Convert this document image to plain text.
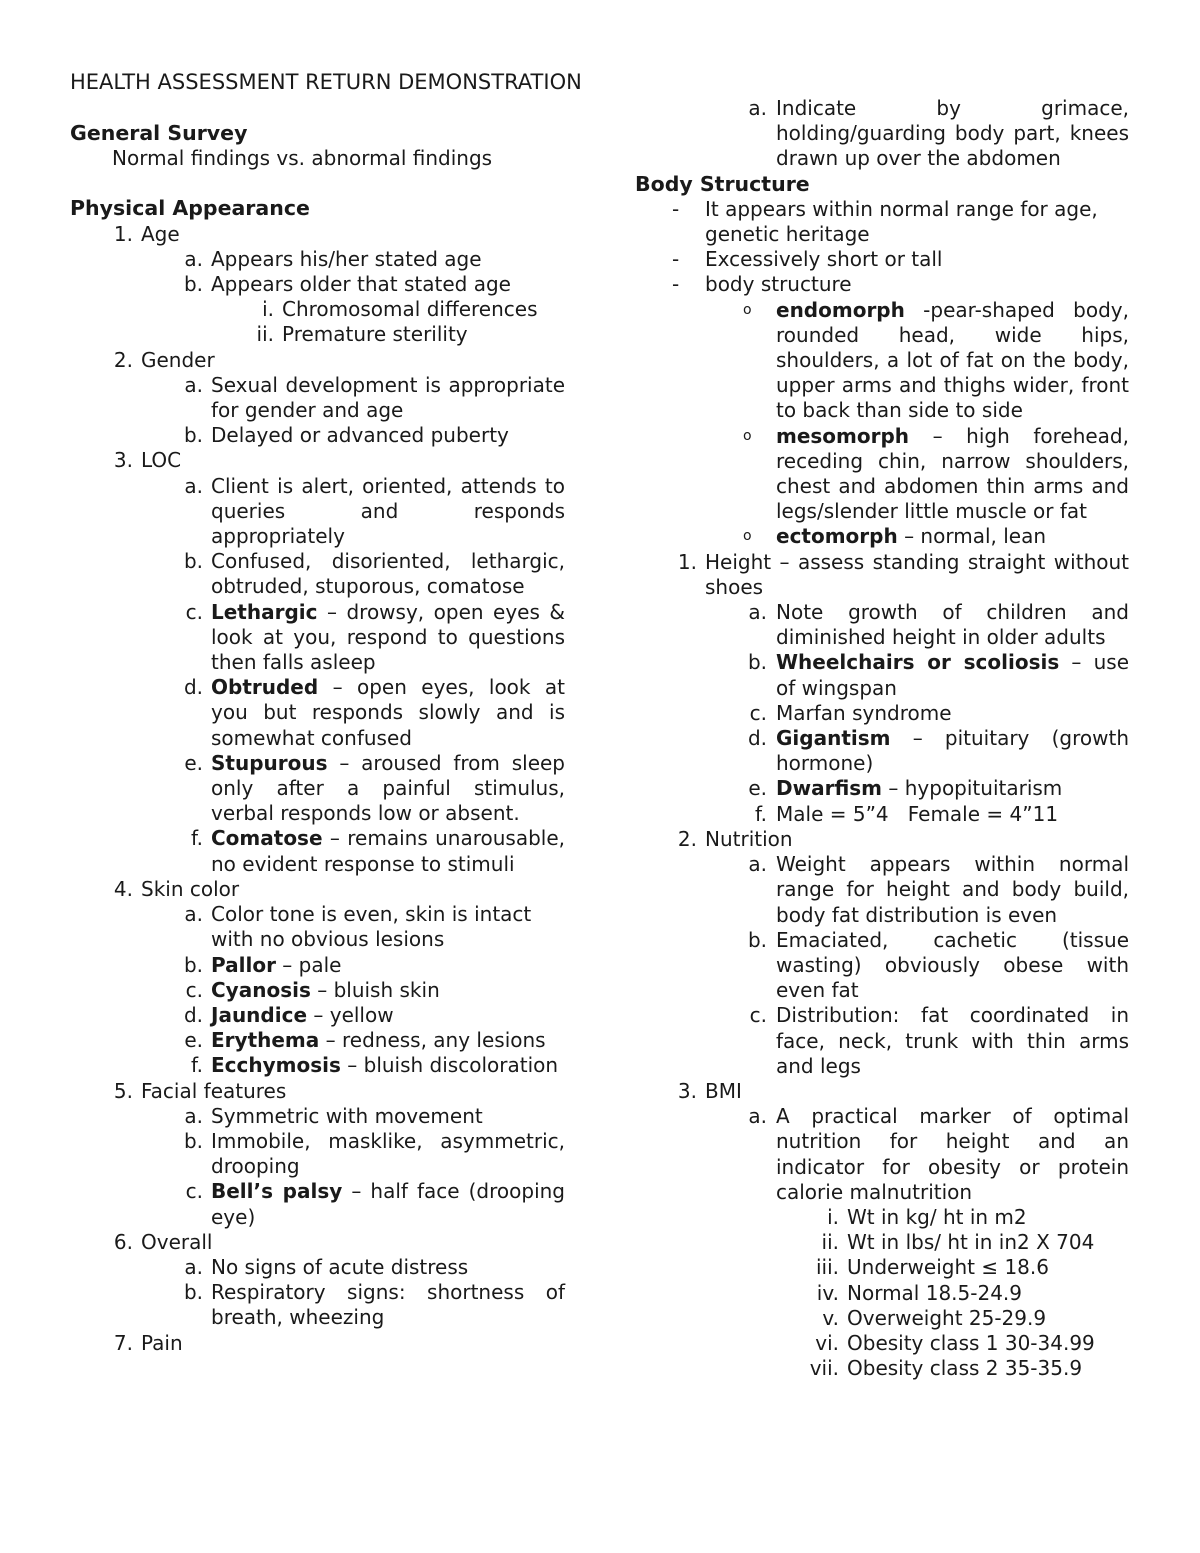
HEALTH ASSESSMENT RETURN DEMONSTRATION
General Survey
Normal findings vs. abnormal findings
Physical Appearance
1. Age
a. Appears his/her stated age
b. Appears older that stated age
i. Chromosomal differences
ii. Premature sterility
2. Gender
a. Sexual development is appropriate for gender and age
b. Delayed or advanced puberty
3. LOC
a. Client is alert, oriented, attends to queries and responds appropriately
b. Confused, disoriented, lethargic, obtruded, stuporous, comatose
c. Lethargic – drowsy, open eyes & look at you, respond to questions then falls asleep
d. Obtruded – open eyes, look at you but responds slowly and is somewhat confused
e. Stupurous – aroused from sleep only after a painful stimulus, verbal responds low or absent.
f. Comatose – remains unarousable, no evident response to stimuli
4. Skin color
a. Color tone is even, skin is intact with no obvious lesions
b. Pallor – pale
c. Cyanosis – bluish skin
d. Jaundice – yellow
e. Erythema – redness, any lesions
f. Ecchymosis – bluish discoloration
5. Facial features
a. Symmetric with movement
b. Immobile, masklike, asymmetric, drooping
c. Bell’s palsy – half face (drooping eye)
6. Overall
a. No signs of acute distress
b. Respiratory signs: shortness of breath, wheezing
7. Pain
a. Indicate by grimace, holding/guarding body part, knees drawn up over the abdomen
Body Structure
- It appears within normal range for age, genetic heritage
- Excessively short or tall
- body structure
o endomorph -pear-shaped body, rounded head, wide hips, shoulders, a lot of fat on the body, upper arms and thighs wider, front to back than side to side
o mesomorph – high forehead, receding chin, narrow shoulders, chest and abdomen thin arms and legs/slender little muscle or fat
o ectomorph – normal, lean
1. Height – assess standing straight without shoes
a. Note growth of children and diminished height in older adults
b. Wheelchairs or scoliosis – use of wingspan
c. Marfan syndrome
d. Gigantism – pituitary (growth hormone)
e. Dwarfism – hypopituitarism
f. Male = 5”4   Female = 4”11
2. Nutrition
a. Weight appears within normal range for height and body build, body fat distribution is even
b. Emaciated, cachetic (tissue wasting) obviously obese with even fat
c. Distribution: fat coordinated in face, neck, trunk with thin arms and legs
3. BMI
a. A practical marker of optimal nutrition for height and an indicator for obesity or protein calorie malnutrition
i. Wt in kg/ ht in m2
ii. Wt in lbs/ ht in in2 X 704
iii. Underweight ≤ 18.6
iv. Normal 18.5-24.9
v. Overweight 25-29.9
vi. Obesity class 1 30-34.99
vii. Obesity class 2 35-35.9
